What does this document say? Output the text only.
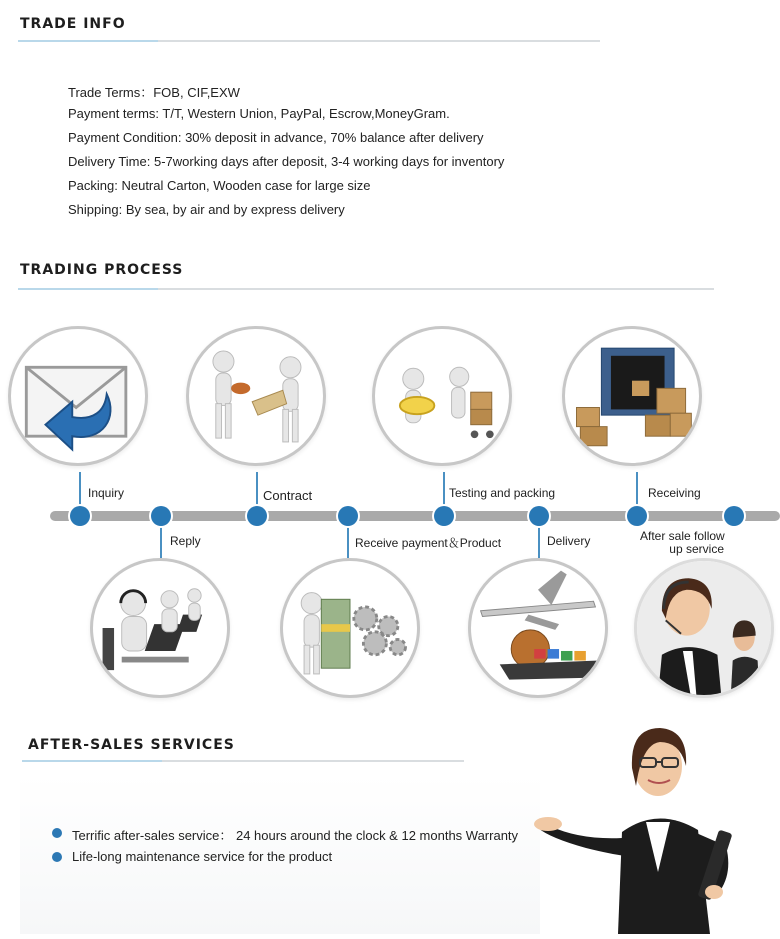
TRADE INFO
Trade Terms：FOB, CIF,EXW
Payment terms: T/T, Western Union, PayPal, Escrow,MoneyGram.
Payment Condition: 30% deposit in advance, 70% balance after delivery
Delivery Time: 5-7working days after deposit, 3-4 working days for inventory
Packing: Neutral Carton, Wooden case for large size
Shipping: By sea, by air and by express delivery
TRADING PROCESS
Inquiry
Reply
Contract
Receive payment＆Product
Testing and packing
Delivery
Receiving
After sale follow
up service
AFTER-SALES SERVICES
Terrific after-sales service： 24 hours around the clock & 12 months Warranty
Life-long maintenance service for the product
